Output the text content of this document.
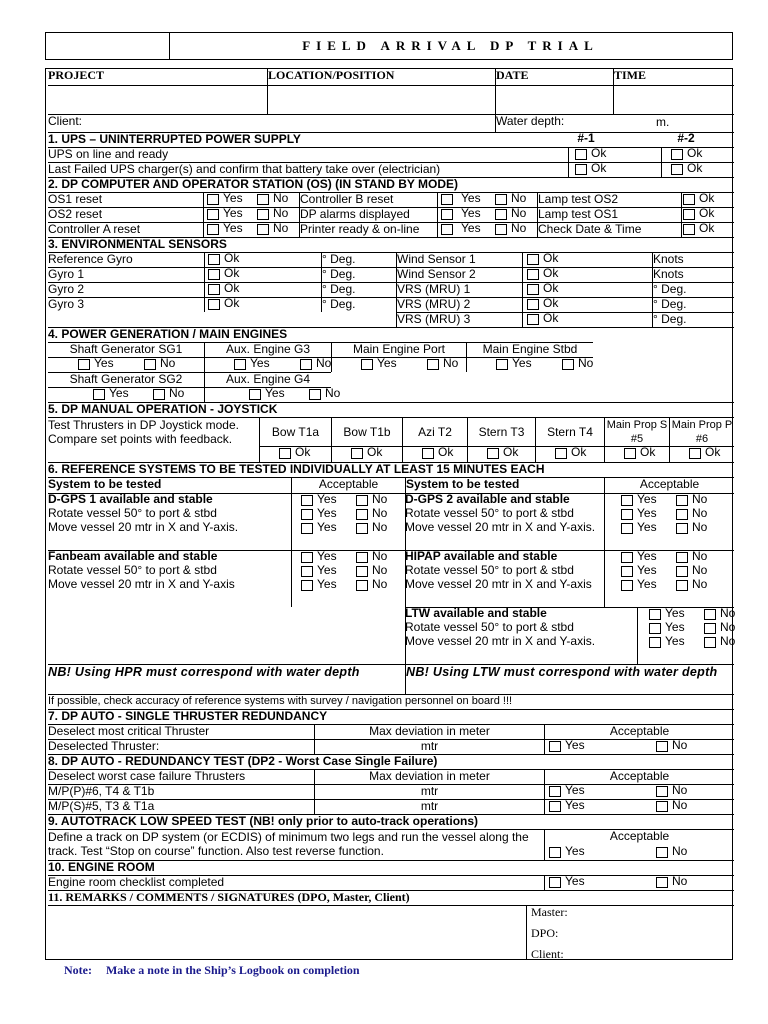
FIELD ARRIVAL DP TRIAL
PROJECT	LOCATION/POSITION	DATE	TIME
Client:	Water depth:	m.
1. UPS – UNINTERRUPTED POWER SUPPLY	#-1	#-2
UPS on line and ready	Ok	Ok
Last Failed UPS charger(s) and confirm that battery take over (electrician)	Ok	Ok
2. DP COMPUTER AND OPERATOR STATION (OS) (IN STAND BY MODE)
OS1 reset	Yes	No Controller B reset	Yes	No Lamp test OS2	Ok
OS2 reset	Yes	No DP alarms displayed	Yes	No Lamp test OS1	Ok
Controller A reset	Yes	No Printer ready & on-line	Yes	No Check Date & Time	Ok
3. ENVIRONMENTAL SENSORS
Reference Gyro	Ok	° Deg.	Wind Sensor 1	Ok	Knots
Gyro 1	Ok	° Deg.	Wind Sensor 2	Ok	Knots
Gyro 2	Ok	° Deg.	VRS (MRU) 1	Ok	° Deg.
Gyro 3	Ok	° Deg.	VRS (MRU) 2	Ok	° Deg.
VRS (MRU) 3	Ok	° Deg.
4. POWER GENERATION / MAIN ENGINES
Shaft Generator SG1
Yes	No
Aux. Engine G3
Yes	No
Main Engine Port
Yes	No
Main Engine Stbd
Yes	No
Shaft Generator SG2
Yes	No
Aux. Engine G4
Yes	No
5. DP MANUAL OPERATION - JOYSTICK
Test Thrusters in DP Joystick mode. Compare set points with feedback.	Bow T1a
Ok
Bow T1b
Ok
Azi T2
Ok
Stern T3
Ok
Stern T4
Ok
Main Prop S #5
Ok
Main Prop P #6
Ok
6. REFERENCE SYSTEMS TO BE TESTED INDIVIDUALLY AT LEAST 15 MINUTES EACH
System to be tested	Acceptable	System to be tested	Acceptable
D-GPS 1 available and stable
Rotate vessel 50° to port & stbd
Move vessel 20 mtr in X and Y-axis.
Yes	No
Yes	No
Yes	No
Fanbeam available and stable
Rotate vessel 50° to port & stbd
Move vessel 20 mtr in X and Y-axis
Yes	No
Yes	No
Yes	No
D-GPS 2 available and stable
Rotate vessel 50° to port & stbd
Move vessel 20 mtr in X and Y-axis.
Yes	No
Yes	No
Yes	No
HIPAP available and stable
Rotate vessel 50° to port & stbd
Move vessel 20 mtr in X and Y-axis
Yes	No
Yes	No
Yes	No
LTW available and stable
Rotate vessel 50° to port & stbd
Move vessel 20 mtr in X and Y-axis.
Yes	No
Yes	No
Yes	No
NB! Using HPR must correspond with water depth	NB! Using LTW must correspond with water depth
If possible, check accuracy of reference systems with survey / navigation personnel on board !!!
7. DP AUTO - SINGLE THRUSTER REDUNDANCY
Deselect most critical Thruster	Max deviation in meter	Acceptable
Deselected Thruster:	mtr	Yes	No
8. DP AUTO - REDUNDANCY TEST (DP2 - Worst Case Single Failure)
Deselect worst case failure Thrusters	Max deviation in meter	Acceptable
M/P(P)#6, T4 & T1b	mtr	Yes	No
M/P(S)#5, T3 & T1a	mtr	Yes	No
9. AUTOTRACK LOW SPEED TEST (NB! only prior to auto-track operations)
Define a track on DP system (or ECDIS) of minimum two legs and run the vessel along the track. Test “Stop on course” function. Also test reverse function.
Acceptable
Yes	No
10. ENGINE ROOM
Engine room checklist completed	Yes	No
11. REMARKS / COMMENTS / SIGNATURES (DPO, Master, Client)
Master:
DPO:
Client:
Note: Make a note in the Ship’s Logbook on completion
